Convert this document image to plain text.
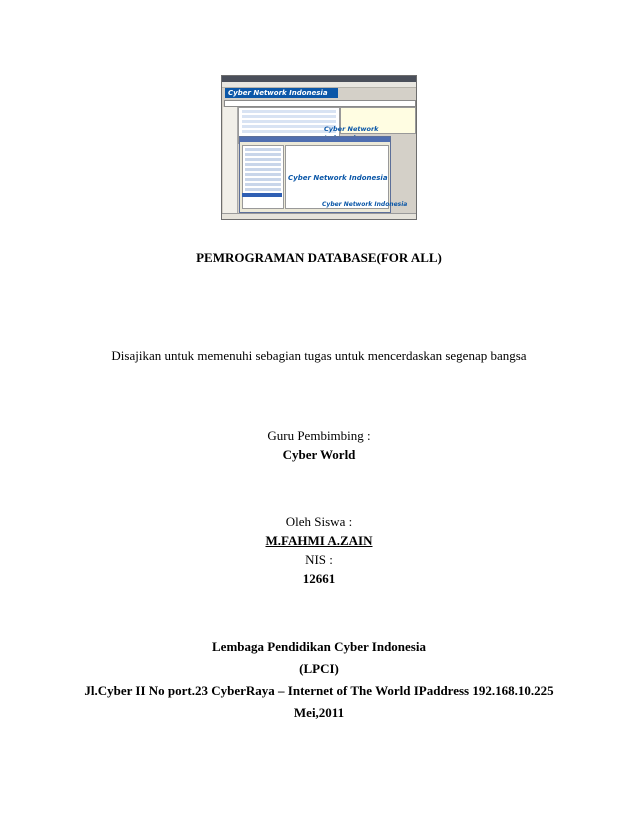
Cyber Network Indonesia
Cyber Network
Cyber Network Indonesia
Cyber Network Indonesia
PEMROGRAMAN DATABASE(FOR ALL)
Disajikan untuk memenuhi sebagian tugas untuk mencerdaskan segenap bangsa
Guru Pembimbing :
Cyber World
Oleh Siswa :
M.FAHMI A.ZAIN
NIS :
12661
Lembaga Pendidikan Cyber Indonesia
(LPCI)
Jl.Cyber II No port.23 CyberRaya – Internet of The World IPaddress 192.168.10.225
Mei,2011
